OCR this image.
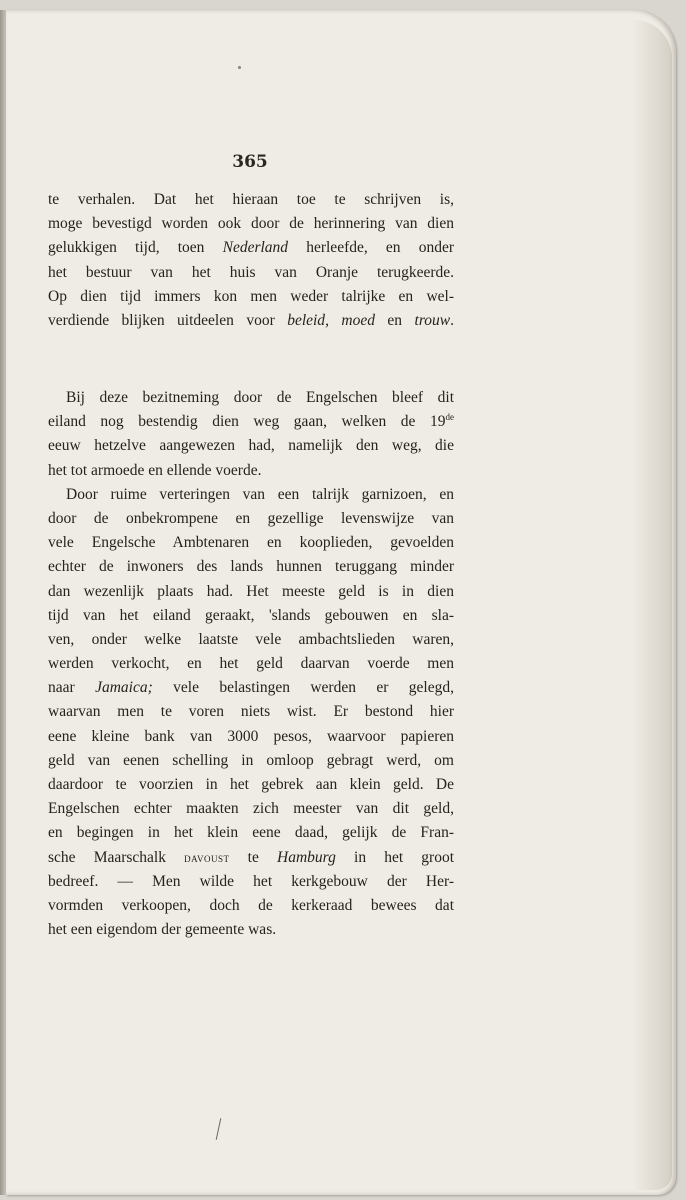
365
te verhalen. Dat het hieraan toe te schrijven is,
moge bevestigd worden ook door de herinnering van dien
gelukkigen tijd, toen Nederland herleefde, en onder
het bestuur van het huis van Oranje terugkeerde.
Op dien tijd immers kon men weder talrijke en wel-
verdiende blijken uitdeelen voor beleid, moed en trouw.
Bij deze bezitneming door de Engelschen bleef dit
eiland nog bestendig dien weg gaan, welken de 19de
eeuw hetzelve aangewezen had, namelijk den weg, die
het tot armoede en ellende voerde.
Door ruime verteringen van een talrijk garnizoen, en
door de onbekrompene en gezellige levenswijze van
vele Engelsche Ambtenaren en kooplieden, gevoelden
echter de inwoners des lands hunnen teruggang minder
dan wezenlijk plaats had. Het meeste geld is in dien
tijd van het eiland geraakt, 'slands gebouwen en sla-
ven, onder welke laatste vele ambachtslieden waren,
werden verkocht, en het geld daarvan voerde men
naar Jamaica; vele belastingen werden er gelegd,
waarvan men te voren niets wist. Er bestond hier
eene kleine bank van 3000 pesos, waarvoor papieren
geld van eenen schelling in omloop gebragt werd, om
daardoor te voorzien in het gebrek aan klein geld. De
Engelschen echter maakten zich meester van dit geld,
en begingen in het klein eene daad, gelijk de Fran-
sche Maarschalk davoust te Hamburg in het groot
bedreef. — Men wilde het kerkgebouw der Her-
vormden verkoopen, doch de kerkeraad bewees dat
het een eigendom der gemeente was.
